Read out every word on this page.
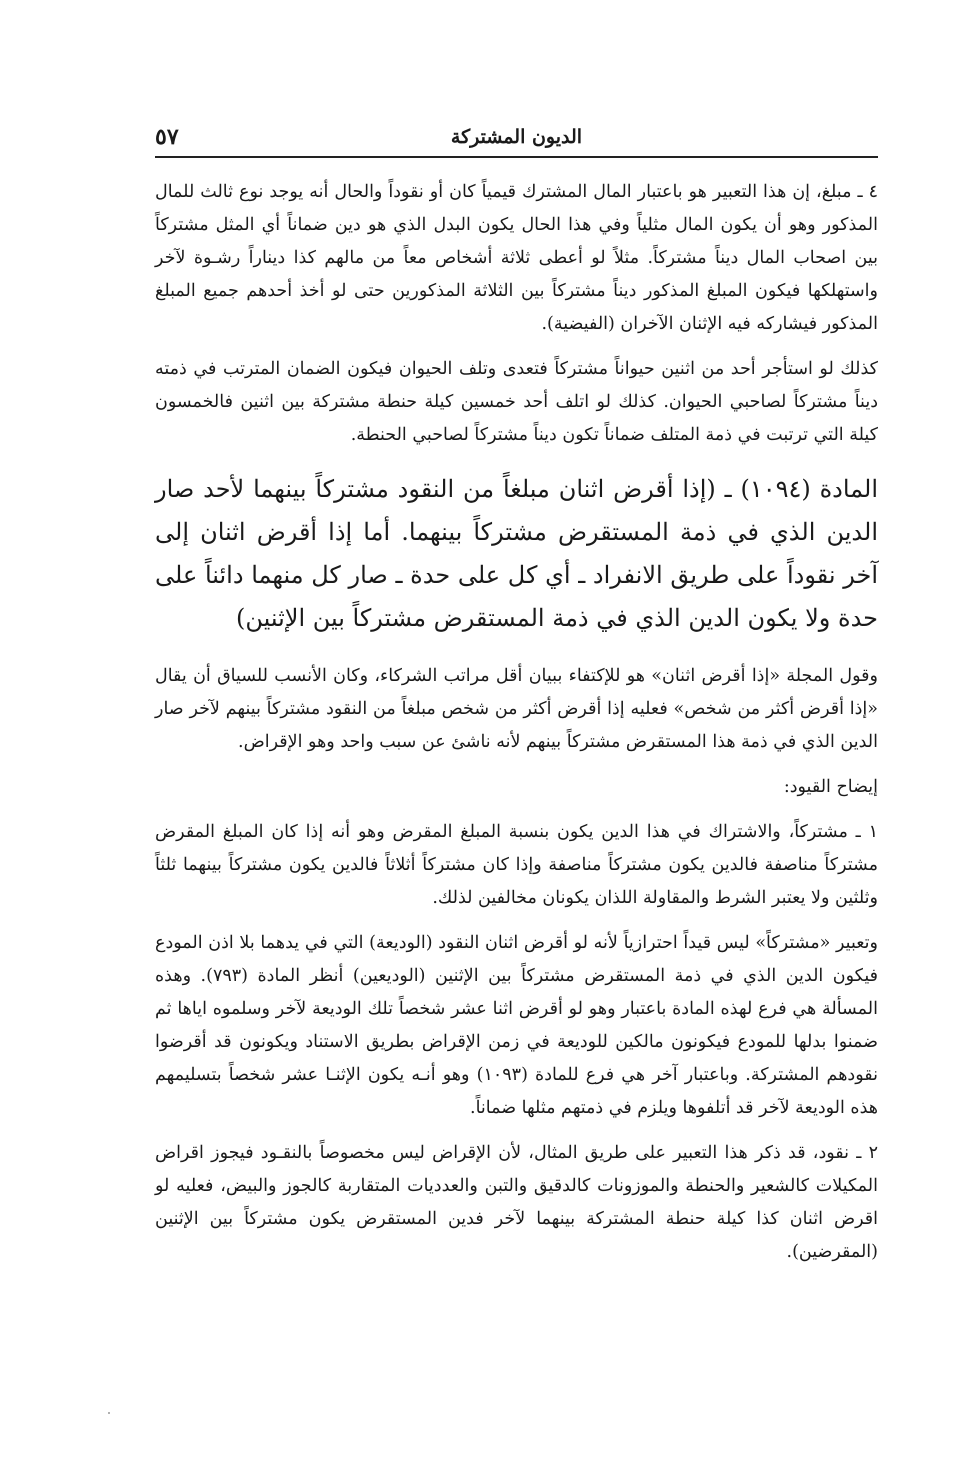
الديون المشتركة
٥٧

٤ ـ مبلغ، إن هذا التعبير هو باعتبار المال المشترك قيمياً كان أو نقوداً والحال أنه يوجد نوع ثالث للمال المذكور وهو أن يكون المال مثلياً وفي هذا الحال يكون البدل الذي هو دين ضماناً أي المثل مشتركاً بين اصحاب المال ديناً مشتركاً. مثلاً لو أعطى ثلاثة أشخاص معاً من مالهم كذا ديناراً رشـوة لآخر واستهلكها فيكون المبلغ المذكور ديناً مشتركاً بين الثلاثة المذكورين حتى لو أخذ أحدهم جميع المبلغ المذكور فيشاركه فيه الإثنان الآخران (الفيضية).

كذلك لو استأجر أحد من اثنين حيواناً مشتركاً فتعدى وتلف الحيوان فيكون الضمان المترتب في ذمته ديناً مشتركاً لصاحبي الحيوان. كذلك لو اتلف أحد خمسين كيلة حنطة مشتركة بين اثنين فالخمسون كيلة التي ترتبت في ذمة المتلف ضماناً تكون ديناً مشتركاً لصاحبي الحنطة.

المادة (١٠٩٤) ـ (إذا أقرض اثنان مبلغاً من النقود مشتركاً بينهما لأحد صار الدين الذي في ذمة المستقرض مشتركاً بينهما. أما إذا أقرض اثنان إلى آخر نقوداً على طريق الانفراد ـ أي كل على حدة ـ صار كل منهما دائناً على حدة ولا يكون الدين الذي في ذمة المستقرض مشتركاً بين الإثنين)

وقول المجلة «إذا أقرض اثنان» هو للإكتفاء ببيان أقل مراتب الشركاء، وكان الأنسب للسياق أن يقال «إذا أقرض أكثر من شخص» فعليه إذا أقرض أكثر من شخص مبلغاً من النقود مشتركاً بينهم لآخر صار الدين الذي في ذمة هذا المستقرض مشتركاً بينهم لأنه ناشئ عن سبب واحد وهو الإقراض.

إيضاح القيود:

١ ـ مشتركاً، والاشتراك في هذا الدين يكون بنسبة المبلغ المقرض وهو أنه إذا كان المبلغ المقرض مشتركاً مناصفة فالدين يكون مشتركاً مناصفة وإذا كان مشتركاً أثلاثاً فالدين يكون مشتركاً بينهما ثلثاً وثلثين ولا يعتبر الشرط والمقاولة اللذان يكونان مخالفين لذلك.

وتعبير «مشتركاً» ليس قيداً احترازياً لأنه لو أقرض اثنان النقود (الوديعة) التي في يدهما بلا اذن المودع فيكون الدين الذي في ذمة المستقرض مشتركاً بين الإثنين (الوديعين) أنظر المادة (٧٩٣). وهذه المسألة هي فرع لهذه المادة باعتبار وهو لو أقرض اثنا عشر شخصاً تلك الوديعة لآخر وسلموه اياها ثم ضمنوا بدلها للمودع فيكونون مالكين للوديعة في زمن الإقراض بطريق الاستناد ويكونون قد أقرضوا نقودهم المشتركة. وباعتبار آخر هي فرع للمادة (١٠٩٣) وهو أنـه يكون الإثنـا عشر شخصاً بتسليمهم هذه الوديعة لآخر قد أتلفوها ويلزم في ذمتهم مثلها ضماناً.

٢ ـ نقود، قد ذكر هذا التعبير على طريق المثال، لأن الإقراض ليس مخصوصاً بالنقـود فيجوز اقراض المكيلات كالشعير والحنطة والموزونات كالدقيق والتبن والعدديات المتقاربة كالجوز والبيض، فعليه لو اقرض اثنان كذا كيلة حنطة المشتركة بينهما لآخر فدين المستقرض يكون مشتركاً بين الإثنين (المقرضين).
